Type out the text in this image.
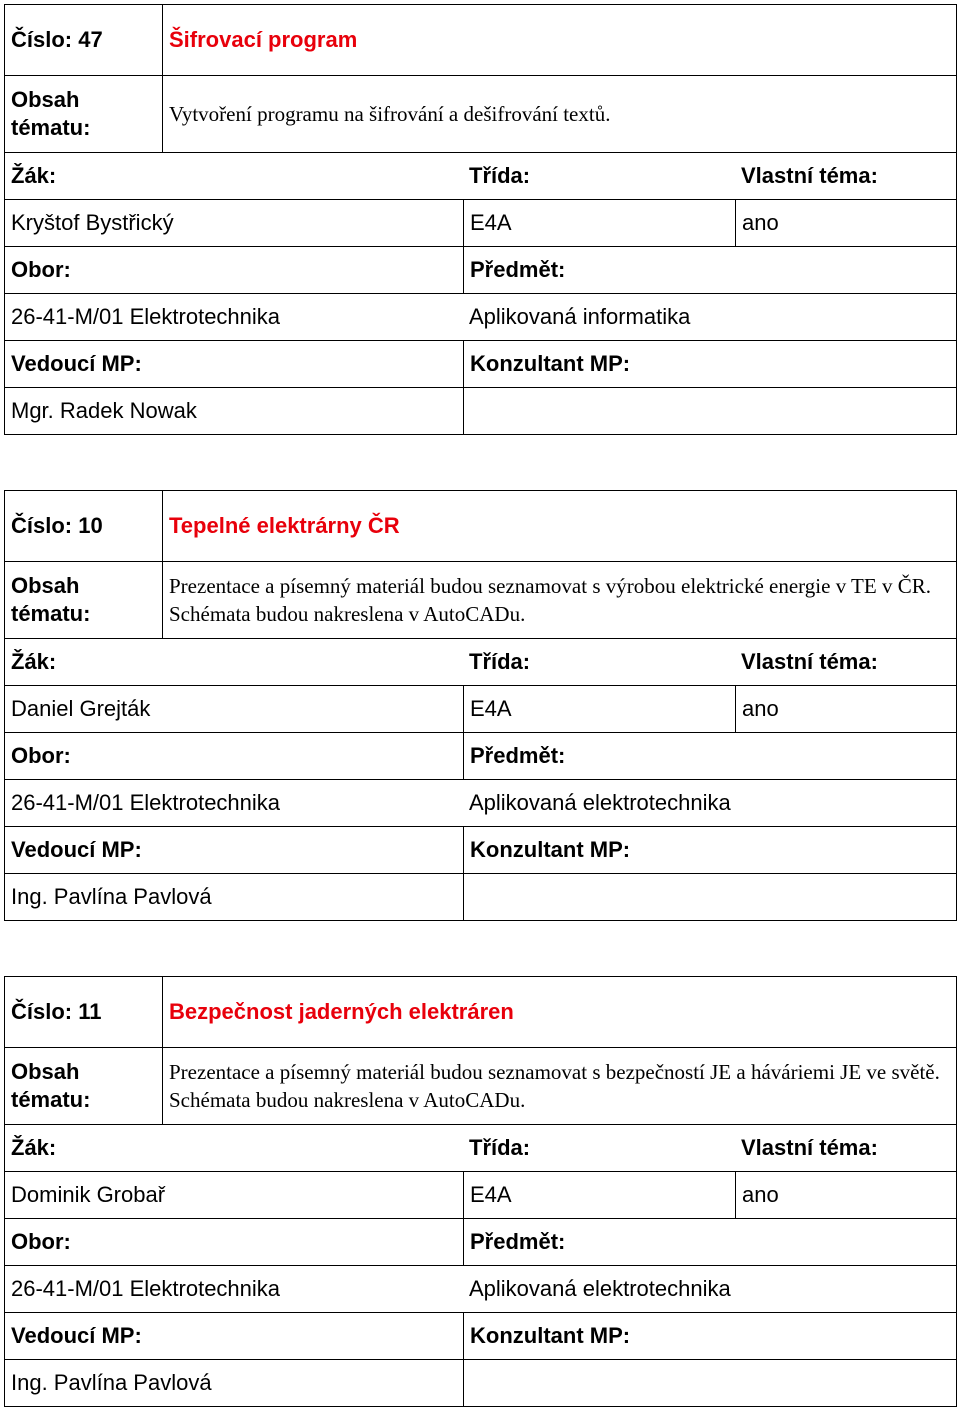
Číslo: 47	Šifrovací program
Obsah tématu:
Vytvoření programu na šifrování a dešifrování textů.
Žák:	Třída:	Vlastní téma:
Kryštof Bystřický	E4A	ano
Obor:	Předmět:
26-41-M/01 Elektrotechnika	Aplikovaná informatika
Vedoucí MP:	Konzultant MP:
Mgr. Radek Nowak
Číslo: 10	Tepelné elektrárny ČR
Obsah tématu:
Prezentace a písemný materiál budou seznamovat s výrobou elektrické energie v TE v ČR. Schémata budou nakreslena v AutoCADu.
Žák:	Třída:	Vlastní téma:
Daniel Grejták	E4A	ano
Obor:	Předmět:
26-41-M/01 Elektrotechnika	Aplikovaná elektrotechnika
Vedoucí MP:	Konzultant MP:
Ing. Pavlína Pavlová
Číslo: 11	Bezpečnost jaderných elektráren
Obsah tématu:
Prezentace a písemný materiál budou seznamovat s bezpečností JE a háváriemi JE ve světě. Schémata budou nakreslena v AutoCADu.
Žák:	Třída:	Vlastní téma:
Dominik Grobař	E4A	ano
Obor:	Předmět:
26-41-M/01 Elektrotechnika	Aplikovaná elektrotechnika
Vedoucí MP:	Konzultant MP:
Ing. Pavlína Pavlová
